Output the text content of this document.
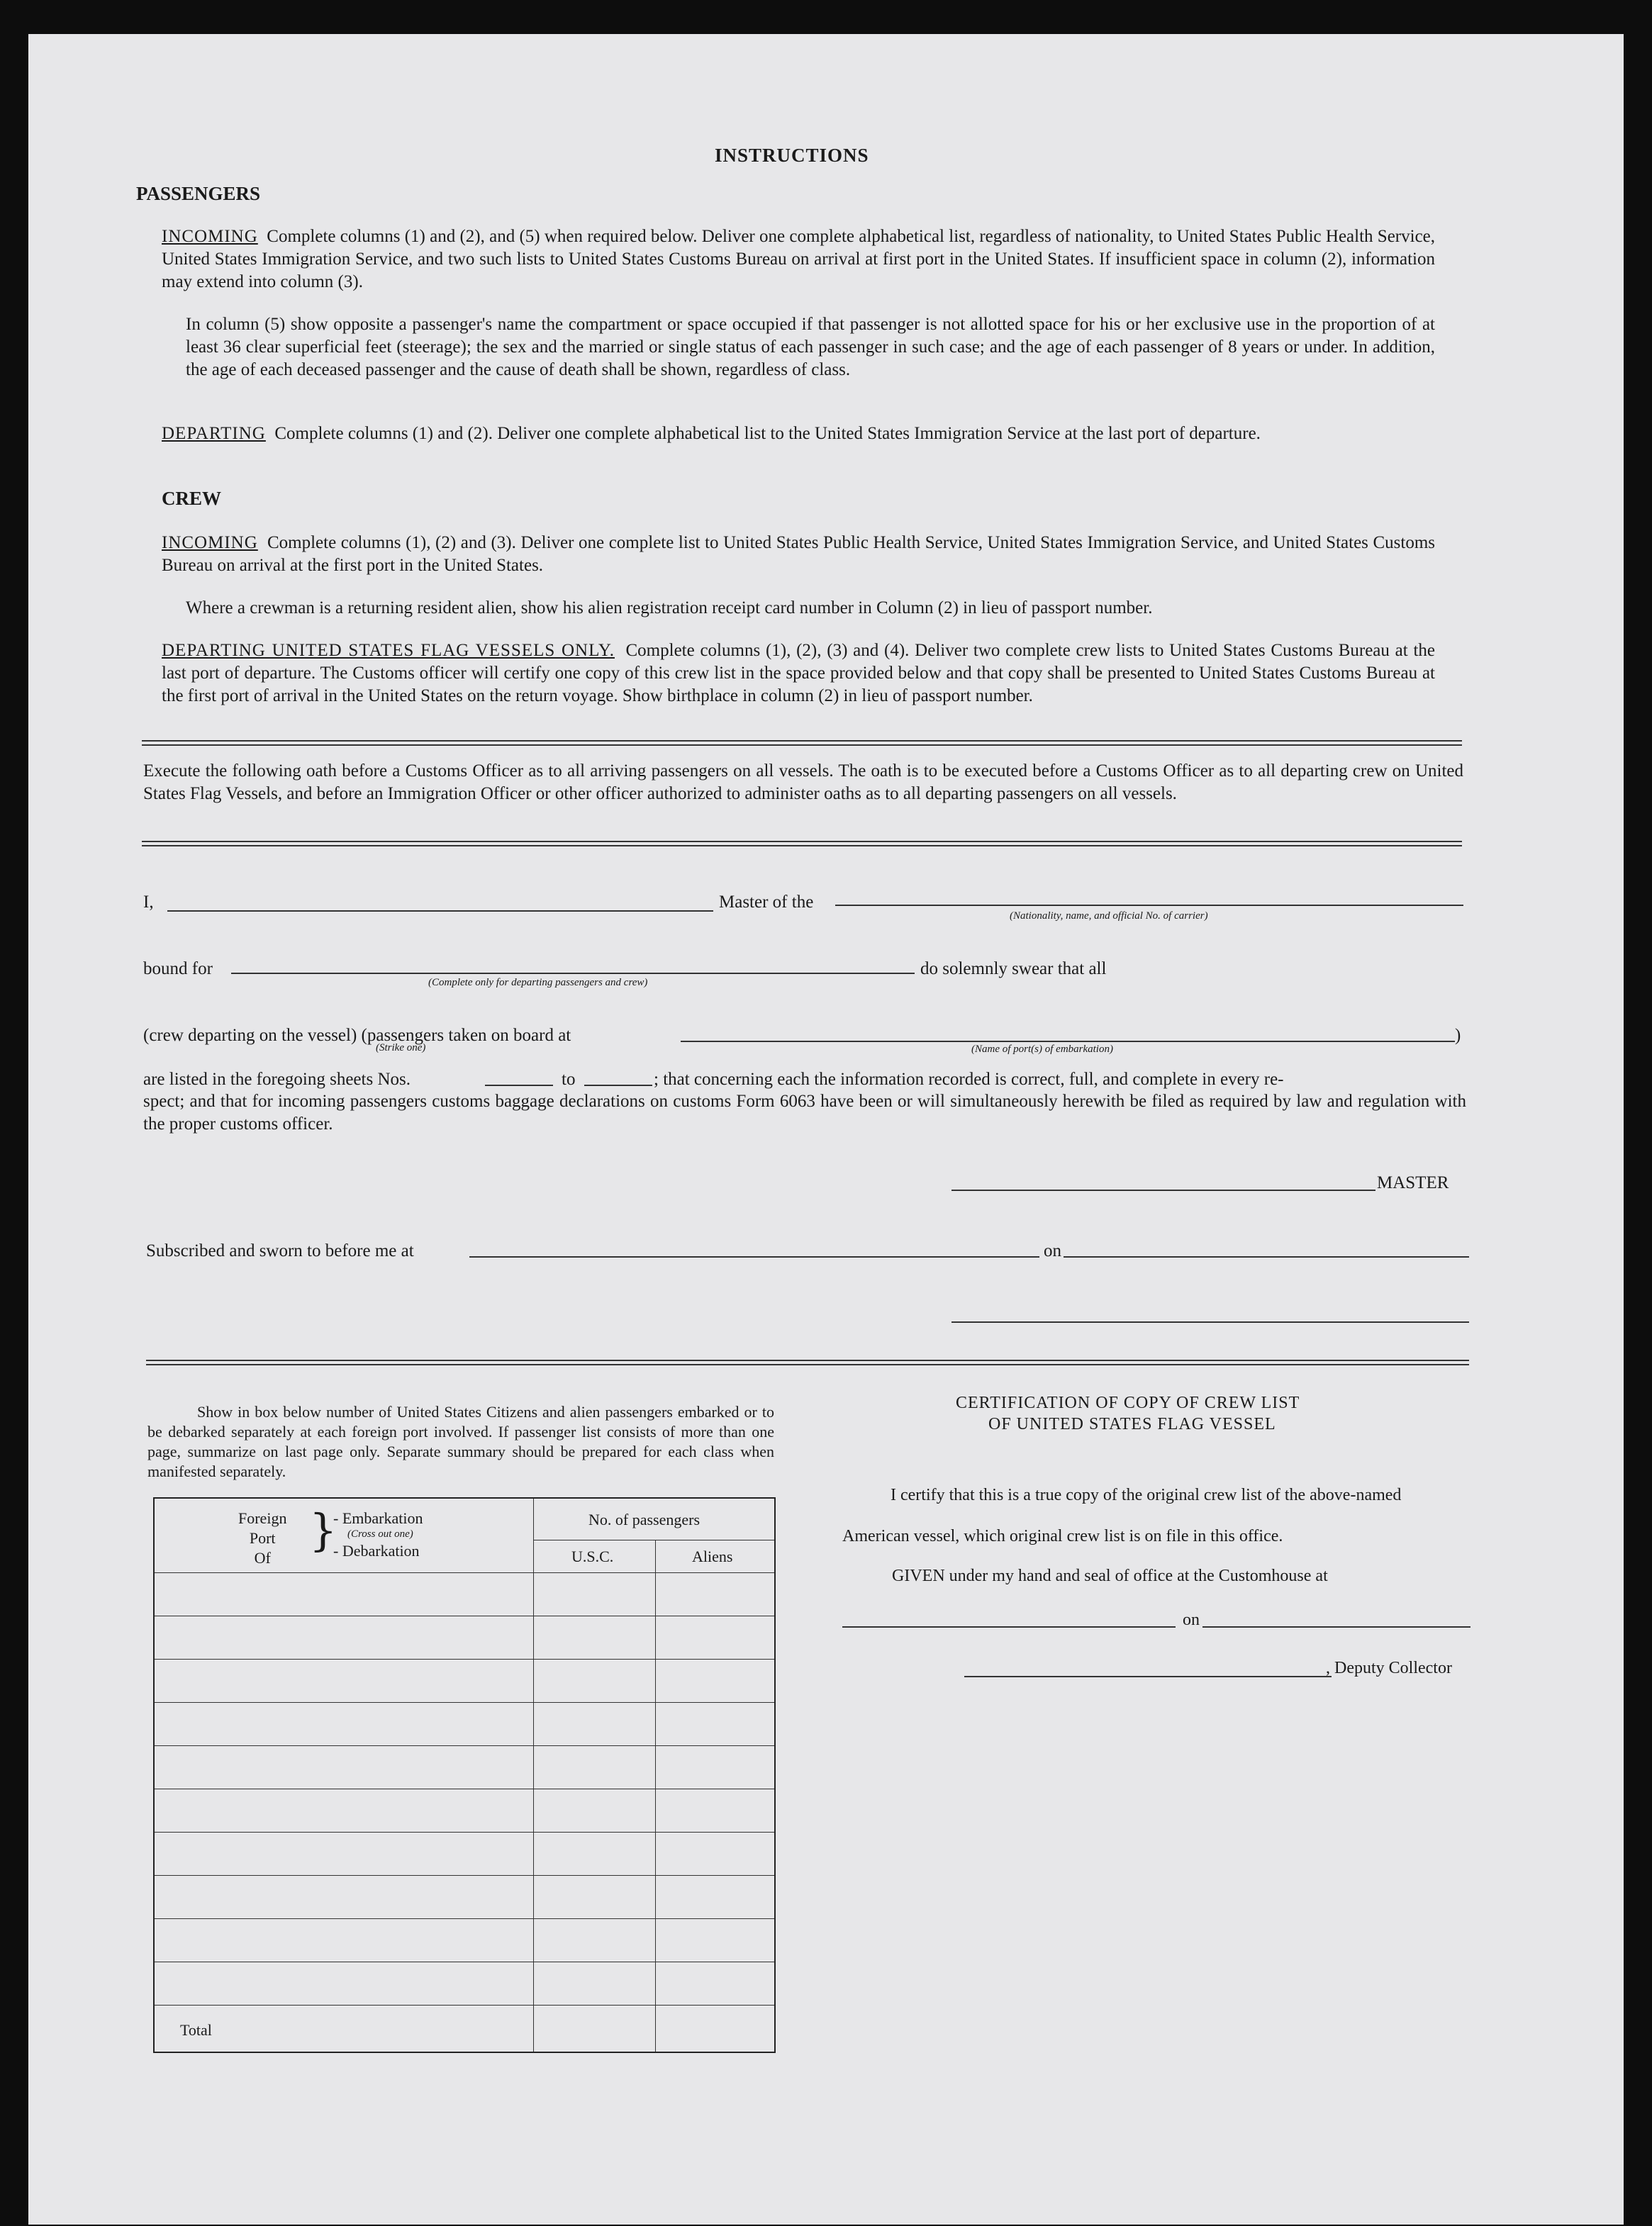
INSTRUCTIONS
PASSENGERS
INCOMING Complete columns (1) and (2), and (5) when required below. Deliver one complete alphabetical list, regardless of nationality, to United States Public Health Service, United States Immigration Service, and two such lists to United States Customs Bureau on arrival at first port in the United States. If insufficient space in column (2), information may extend into column (3).
In column (5) show opposite a passenger's name the compartment or space occupied if that passenger is not allotted space for his or her exclusive use in the proportion of at least 36 clear superficial feet (steerage); the sex and the married or single status of each passenger in such case; and the age of each passenger of 8 years or under. In addition, the age of each deceased passenger and the cause of death shall be shown, regardless of class.
DEPARTING Complete columns (1) and (2). Deliver one complete alphabetical list to the United States Immigration Service at the last port of departure.
CREW
INCOMING Complete columns (1), (2) and (3). Deliver one complete list to United States Public Health Service, United States Immigration Service, and United States Customs Bureau on arrival at the first port in the United States.
Where a crewman is a returning resident alien, show his alien registration receipt card number in Column (2) in lieu of passport number.
DEPARTING UNITED STATES FLAG VESSELS ONLY. Complete columns (1), (2), (3) and (4). Deliver two complete crew lists to United States Customs Bureau at the last port of departure. The Customs officer will certify one copy of this crew list in the space provided below and that copy shall be presented to United States Customs Bureau at the first port of arrival in the United States on the return voyage. Show birthplace in column (2) in lieu of passport number.
Execute the following oath before a Customs Officer as to all arriving passengers on all vessels. The oath is to be executed before a Customs Officer as to all departing crew on United States Flag Vessels, and before an Immigration Officer or other officer authorized to administer oaths as to all departing passengers on all vessels.
I,	Master of the
(Nationality, name, and official No. of carrier)
bound for
(Complete only for departing passengers and crew)
do solemnly swear that all
(crew departing on the vessel) (passengers taken on board at
(Strike one)	(Name of port(s) of embarkation)
)
are listed in the foregoing sheets Nos.	to	; that concerning each the information recorded is correct, full, and complete in every re-
spect; and that for incoming passengers customs baggage declarations on customs Form 6063 have been or will simultaneously herewith be filed as required by law and regulation with the proper customs officer.
MASTER
Subscribed and sworn to before me at	on
Show in box below number of United States Citizens and alien passengers embarked or to be debarked separately at each foreign port involved. If passenger list consists of more than one page, summarize on last page only. Separate summary should be prepared for each class when manifested separately.
Foreign
Port
Of
}
- Embarkation
(Cross out one)
- Debarkation
No. of passengers
U.S.C.	Aliens
Total
CERTIFICATION OF COPY OF CREW LIST
OF UNITED STATES FLAG VESSEL
I certify that this is a true copy of the original crew list of the above-named
American vessel, which original crew list is on file in this office.
GIVEN under my hand and seal of office at the Customhouse at
on
, Deputy Collector
